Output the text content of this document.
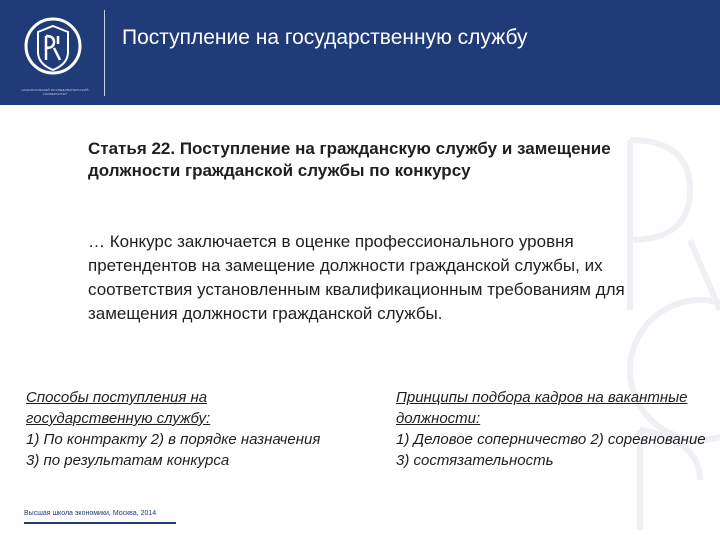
НАЦИОНАЛЬНЫЙ ИССЛЕДОВАТЕЛЬСКИЙ
УНИВЕРСИТЕТ
Поступление на государственную службу
Статья 22. Поступление на гражданскую службу и замещение должности гражданской службы по конкурсу
… Конкурс заключается в оценке профессионального уровня претендентов на замещение должности гражданской службы, их соответствия установленным квалификационным требованиям для замещения должности гражданской службы.
Способы поступления на государственную службу:
1) По контракту 2) в порядке назначения 3) по результатам конкурса
Принципы подбора кадров на вакантные должности:
1) Деловое соперничество 2) соревнование 3) состязательность
Высшая школа экономики, Москва, 2014
